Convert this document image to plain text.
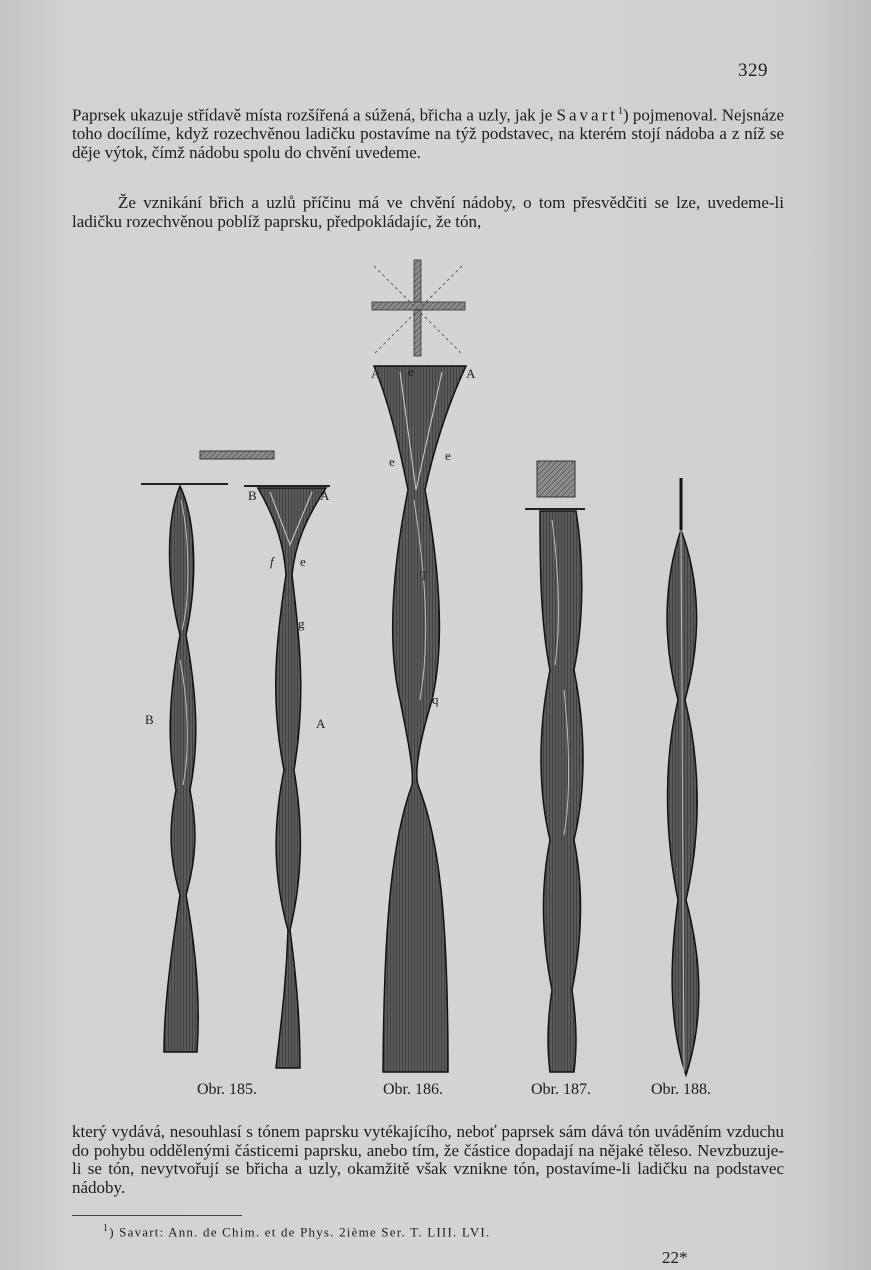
329

Paprsek ukazuje střídavě místa rozšířená a súžená, břicha a uzly, jak je Savart$^1$) pojmenoval. Nejsnáze toho docílíme, když rozechvěnou ladičku postavíme na týž podstavec, na kterém stojí nádoba a z níž se děje výtok, čímž nádobu spolu do chvění uvedeme.

Že vznikání břich a uzlů příčinu má ve chvění nádoby, o tom přesvědčiti se lze, uvedeme-li ladičku rozechvěnou poblíž paprsku, předpokládajíc, že tón,

B
B	A
f e
g
A
A	A
e
e	e
T
q
Obr. 185.	Obr. 186.	Obr. 187.	Obr. 188.

který vydává, nesouhlasí s tónem paprsku vytékajícího, neboť paprsek sám dává tón uváděním vzduchu do pohybu oddělenými částicemi paprsku, anebo tím, že částice dopadají na nějaké těleso. Nevzbuzuje-li se tón, nevytvořují se břicha a uzly, okamžitě však vznikne tón, postavíme-li ladičku na podstavec nádoby.

$^1$) Savart: Ann. de Chim. et de Phys. 2ième Ser. T. LIII. LVI.
22*
